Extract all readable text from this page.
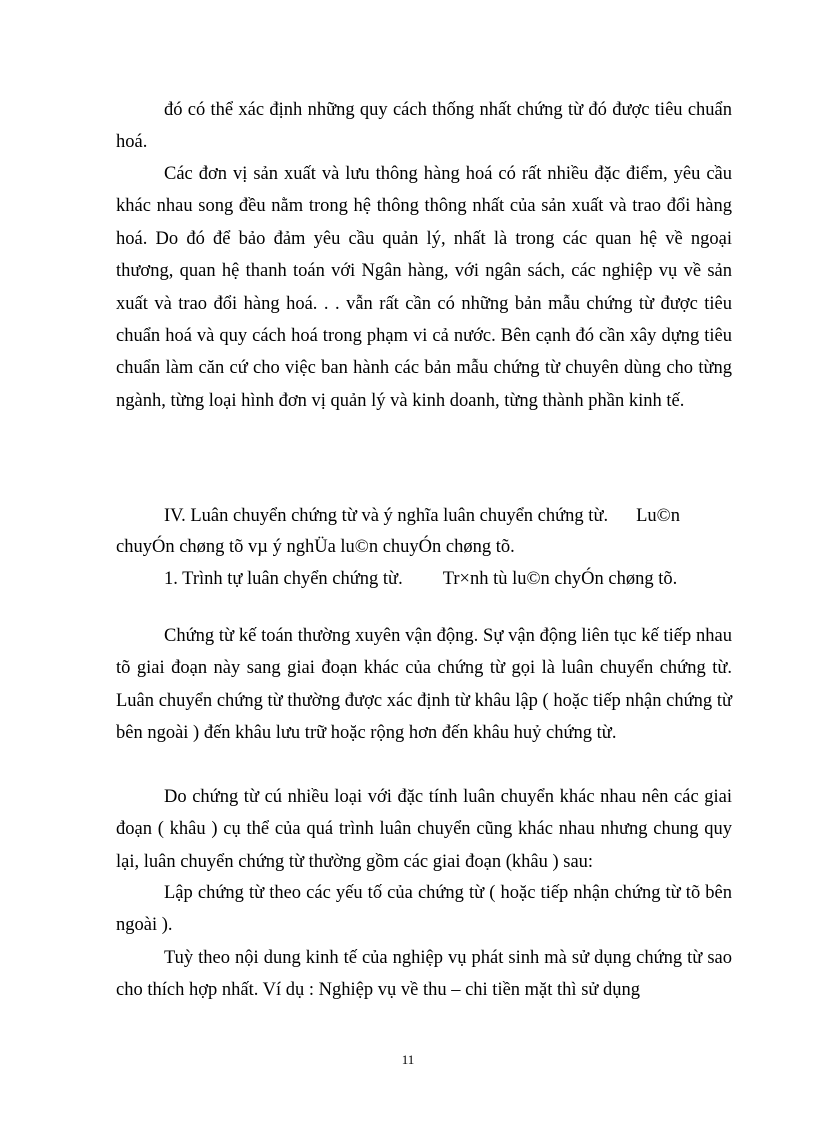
đó có thể xác định những quy cách thống nhất chứng từ đó được tiêu chuẩn hoá.

Các đơn vị sản xuất và lưu thông hàng hoá có rất nhiều đặc điểm, yêu cầu khác nhau song đều nằm trong hệ thông thông nhất của sản xuất và trao đổi hàng hoá. Do đó để bảo đảm yêu cầu quản lý, nhất là trong các quan hệ về ngoại thương, quan hệ thanh toán với Ngân hàng, với ngân sách, các nghiệp vụ về sản xuất và trao đổi hàng hoá. . . vẫn rất cần có những bản mẫu chứng từ được tiêu chuẩn hoá và quy cách hoá trong phạm vi cả nước. Bên cạnh đó cần xây dựng tiêu chuẩn làm căn cứ cho việc ban hành các bản mẫu chứng từ chuyên dùng cho từng ngành, từng loại hình đơn vị quản lý và kinh doanh, từng thành phần kinh tế.

IV. Luân chuyển chứng từ và ý nghĩa luân chuyển chứng từ. Lu©n
chuyÓn chøng tõ vµ ý nghÜa lu©n chuyÓn chøng tõ.
1. Trình tự luân chyển chứng từ. Tr×nh tù lu©n chyÓn chøng tõ.

Chứng từ kế toán thường xuyên vận động. Sự vận động liên tục kế tiếp nhau tõ giai đoạn này sang giai đoạn khác của chứng từ gọi là luân chuyển chứng từ. Luân chuyển chứng từ thường được xác định từ khâu lập ( hoặc tiếp nhận chứng từ bên ngoài ) đến khâu lưu trữ hoặc rộng hơn đến khâu huỷ chứng từ.

Do chứng từ cú nhiều loại với đặc tính luân chuyển khác nhau nên các giai đoạn ( khâu ) cụ thể của quá trình luân chuyển cũng khác nhau nhưng chung quy lại, luân chuyển chứng từ thường gồm các giai đoạn (khâu ) sau:

Lập chứng từ theo các yếu tố của chứng từ ( hoặc tiếp nhận chứng từ tõ bên ngoài ).

Tuỳ theo nội dung kinh tế của nghiệp vụ phát sinh mà sử dụng chứng từ sao cho thích hợp nhất. Ví dụ : Nghiệp vụ về thu – chi tiền mặt thì sử dụng

11
